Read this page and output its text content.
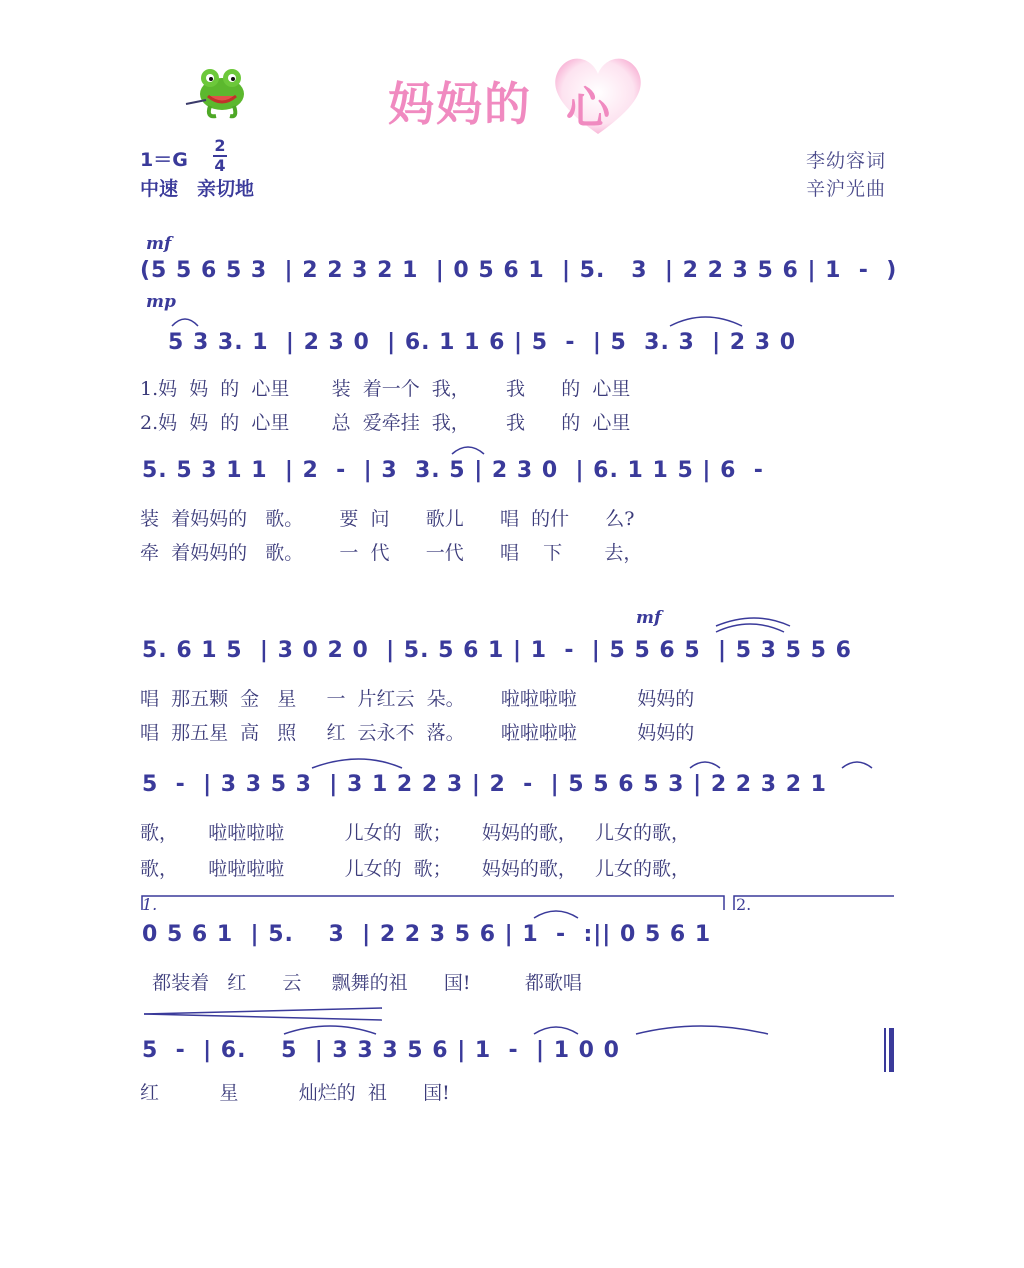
妈妈的 心
1＝G
2
4
中速　亲切地
李幼容词
辛沪光曲
mf
mp
mf
(5 5 6 5 3  | 2 2 3 2 1  | 0 5 6 1  | 5.   3  | 2 2 3 5 6 | 1  -  )
5 3 3. 1  | 2 3 0  | 6. 1 1 6 | 5  -  | 5  3. 3  | 2 3 0
1.妈  妈  的  心里       装  着一个  我，      我      的  心里
2.妈  妈  的  心里       总  爱牵挂  我，      我      的  心里
5. 5 3 1 1  | 2  -  | 3  3. 5 | 2 3 0  | 6. 1 1 5 | 6  -
装  着妈妈的   歌。      要  问      歌儿      唱  的什      么?
牵  着妈妈的   歌。      一  代      一代      唱    下       去，
5. 6 1 5  | 3 0 2 0  | 5. 5 6 1 | 1  -  | 5 5 6 5  | 5 3 5 5 6
唱  那五颗  金   星     一  片红云  朵。      啦啦啦啦          妈妈的
唱  那五星  高   照     红  云永不  落。      啦啦啦啦          妈妈的
5  -  | 3 3 5 3  | 3 1 2 2 3 | 2  -  | 5 5 6 5 3 | 2 2 3 2 1
歌，     啦啦啦啦          儿女的  歌；     妈妈的歌，   儿女的歌，
歌，     啦啦啦啦          儿女的  歌；     妈妈的歌，   儿女的歌，
1.	2.
0 5 6 1  | 5.    3  | 2 2 3 5 6 | 1  -  :|| 0 5 6 1
都装着   红      云     飘舞的祖      国!         都歌唱
5  -  | 6.    5  | 3 3 3 5 6 | 1  -  | 1 0 0
红          星          灿烂的  祖      国!
